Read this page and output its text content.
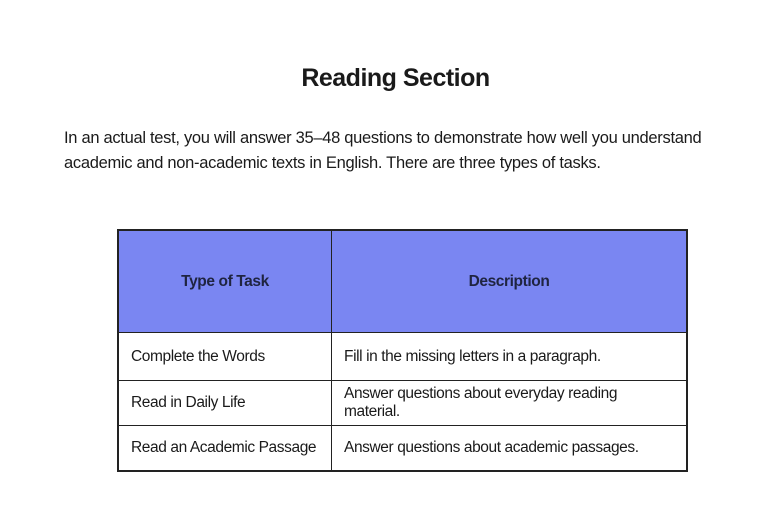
Reading Section

In an actual test, you will answer 35–48 questions to demonstrate how well you understand academic and non-academic texts in English. There are three types of tasks.

Type of Task	Description
Complete the Words	Fill in the missing letters in a paragraph.
Read in Daily Life	Answer questions about everyday reading material.
Read an Academic Passage	Answer questions about academic passages.
